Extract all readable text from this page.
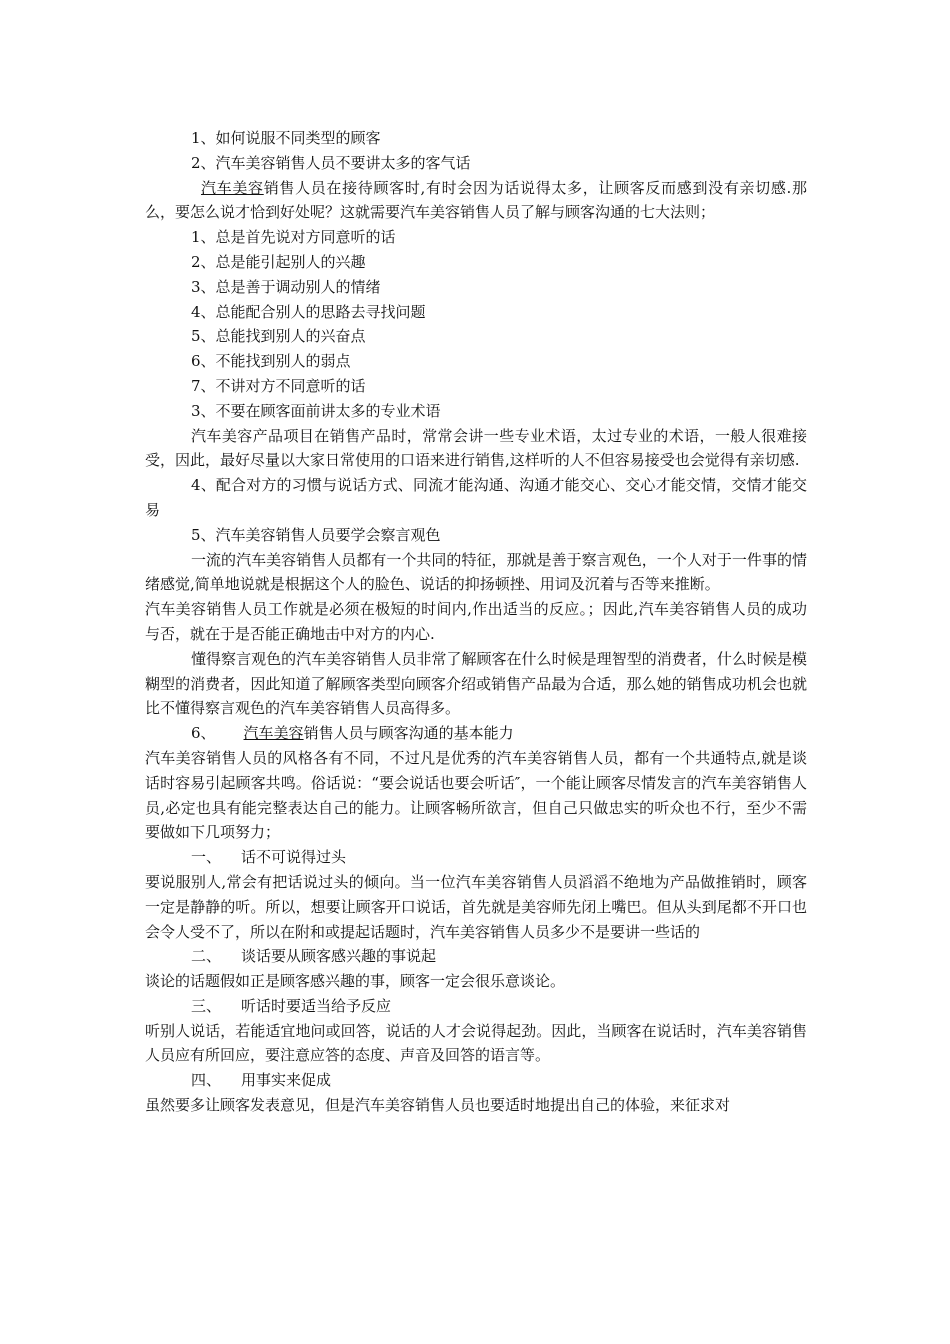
1、如何说服不同类型的顾客

2、汽车美容销售人员不要讲太多的客气话

汽车美容销售人员在接待顾客时,有时会因为话说得太多，让顾客反而感到没有亲切感.那么，要怎么说才恰到好处呢？这就需要汽车美容销售人员了解与顾客沟通的七大法则；

1、总是首先说对方同意听的话

2、总是能引起别人的兴趣

3、总是善于调动别人的情绪

4、总能配合别人的思路去寻找问题

5、总能找到别人的兴奋点

6、不能找到别人的弱点

7、不讲对方不同意听的话

3、不要在顾客面前讲太多的专业术语

汽车美容产品项目在销售产品时，常常会讲一些专业术语，太过专业的术语，一般人很难接受，因此，最好尽量以大家日常使用的口语来进行销售,这样听的人不但容易接受也会觉得有亲切感.

4、配合对方的习惯与说话方式、同流才能沟通、沟通才能交心、交心才能交情，交情才能交易

5、汽车美容销售人员要学会察言观色

一流的汽车美容销售人员都有一个共同的特征，那就是善于察言观色，一个人对于一件事的情绪感觉,简单地说就是根据这个人的脸色、说话的抑扬顿挫、用词及沉着与否等来推断。

汽车美容销售人员工作就是必须在极短的时间内,作出适当的反应。；因此,汽车美容销售人员的成功与否，就在于是否能正确地击中对方的内心.

懂得察言观色的汽车美容销售人员非常了解顾客在什么时候是理智型的消费者，什么时候是模糊型的消费者，因此知道了解顾客类型向顾客介绍或销售产品最为合适，那么她的销售成功机会也就比不懂得察言观色的汽车美容销售人员高得多。

6、 汽车美容销售人员与顾客沟通的基本能力

汽车美容销售人员的风格各有不同，不过凡是优秀的汽车美容销售人员，都有一个共通特点,就是谈话时容易引起顾客共鸣。俗话说：“要会说话也要会听话″，一个能让顾客尽情发言的汽车美容销售人员,必定也具有能完整表达自己的能力。让顾客畅所欲言，但自己只做忠实的听众也不行，至少不需要做如下几项努力；

一、 话不可说得过头

要说服别人,常会有把话说过头的倾向。当一位汽车美容销售人员滔滔不绝地为产品做推销时，顾客一定是静静的听。所以，想要让顾客开口说话，首先就是美容师先闭上嘴巴。但从头到尾都不开口也会令人受不了，所以在附和或提起话题时，汽车美容销售人员多少不是要讲一些话的

二、 谈话要从顾客感兴趣的事说起

谈论的话题假如正是顾客感兴趣的事，顾客一定会很乐意谈论。

三、 听话时要适当给予反应

听别人说话，若能适宜地问或回答，说话的人才会说得起劲。因此，当顾客在说话时，汽车美容销售人员应有所回应，要注意应答的态度、声音及回答的语言等。

四、 用事实来促成

虽然要多让顾客发表意见，但是汽车美容销售人员也要适时地提出自己的体验，来征求对
